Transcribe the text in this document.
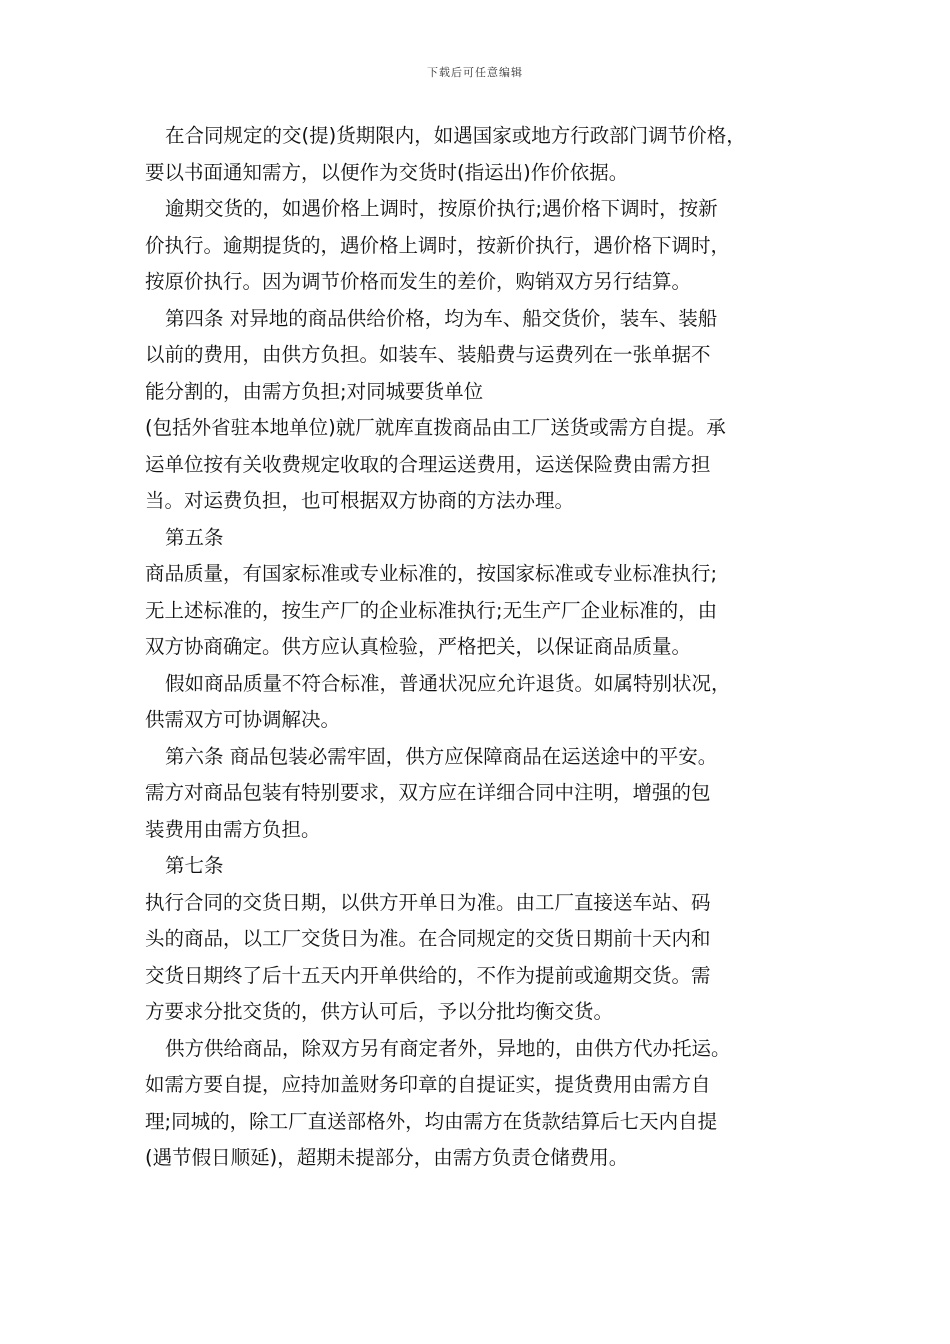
下载后可任意编辑
在合同规定的交(提)货期限内，如遇国家或地方行政部门调节价格，
要以书面通知需方，以便作为交货时(指运出)作价依据。
逾期交货的，如遇价格上调时，按原价执行;遇价格下调时，按新
价执行。逾期提货的，遇价格上调时，按新价执行，遇价格下调时，
按原价执行。因为调节价格而发生的差价，购销双方另行结算。
第四条 对异地的商品供给价格，均为车、船交货价，装车、装船
以前的费用，由供方负担。如装车、装船费与运费列在一张单据不
能分割的，由需方负担;对同城要货单位
(包括外省驻本地单位)就厂就库直拨商品由工厂送货或需方自提。承
运单位按有关收费规定收取的合理运送费用，运送保险费由需方担
当。对运费负担，也可根据双方协商的方法办理。
第五条
商品质量，有国家标准或专业标准的，按国家标准或专业标准执行;
无上述标准的，按生产厂的企业标准执行;无生产厂企业标准的，由
双方协商确定。供方应认真检验，严格把关，以保证商品质量。
假如商品质量不符合标准，普通状况应允许退货。如属特别状况，
供需双方可协调解决。
第六条 商品包装必需牢固，供方应保障商品在运送途中的平安。
需方对商品包装有特别要求，双方应在详细合同中注明，增强的包
装费用由需方负担。
第七条
执行合同的交货日期，以供方开单日为准。由工厂直接送车站、码
头的商品，以工厂交货日为准。在合同规定的交货日期前十天内和
交货日期终了后十五天内开单供给的，不作为提前或逾期交货。需
方要求分批交货的，供方认可后，予以分批均衡交货。
供方供给商品，除双方另有商定者外，异地的，由供方代办托运。
如需方要自提，应持加盖财务印章的自提证实，提货费用由需方自
理;同城的，除工厂直送部格外，均由需方在货款结算后七天内自提
(遇节假日顺延)，超期未提部分，由需方负责仓储费用。
